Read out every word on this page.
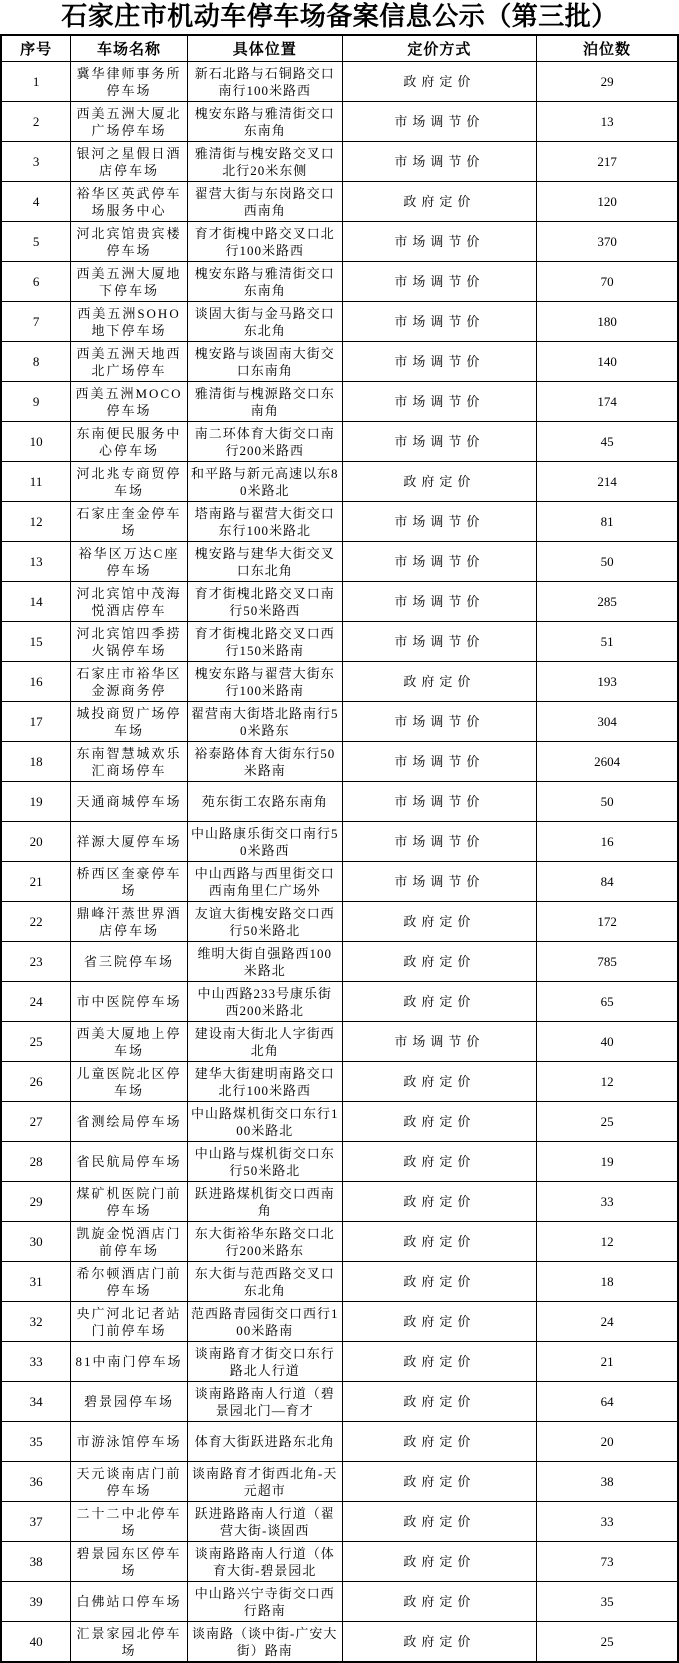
石家庄市机动车停车场备案信息公示（第三批）
序号	车场名称	具体位置	定价方式	泊位数
1	冀华律师事务所停车场	新石北路与石铜路交口南行100米路西	政府定价	29
2	西美五洲大厦北广场停车场	槐安东路与雅清街交口东南角	市场调节价	13
3	银河之星假日酒店停车场	雅清街与槐安路交叉口北行20米东侧	市场调节价	217
4	裕华区英武停车场服务中心	翟营大街与东岗路交口西南角	政府定价	120
5	河北宾馆贵宾楼停车场	育才街槐中路交叉口北行100米路西	市场调节价	370
6	西美五洲大厦地下停车场	槐安东路与雅清街交口东南角	市场调节价	70
7	西美五洲SOHO地下停车场	谈固大街与金马路交口东北角	市场调节价	180
8	西美五洲天地西北广场停车	槐安路与谈固南大街交口东南角	市场调节价	140
9	西美五洲MOCO停车场	雅清街与槐源路交口东南角	市场调节价	174
10	东南便民服务中心停车场	南二环体育大街交口南行200米路西	市场调节价	45
11	河北兆专商贸停车场	和平路与新元高速以东80米路北	政府定价	214
12	石家庄奎金停车场	塔南路与翟营大街交口东行100米路北	市场调节价	81
13	裕华区万达C座停车场	槐安路与建华大街交叉口东北角	市场调节价	50
14	河北宾馆中茂海悦酒店停车	育才街槐北路交叉口南行50米路西	市场调节价	285
15	河北宾馆四季捞火锅停车场	育才街槐北路交叉口西行150米路南	市场调节价	51
16	石家庄市裕华区金源商务停	槐安东路与翟营大街东行100米路南	政府定价	193
17	城投商贸广场停车场	翟营南大街塔北路南行50米路东	市场调节价	304
18	东南智慧城欢乐汇商场停车	裕泰路体育大街东行50米路南	市场调节价	2604
19	天通商城停车场	苑东街工农路东南角	市场调节价	50
20	祥源大厦停车场	中山路康乐街交口南行50米路西	市场调节价	16
21	桥西区奎豪停车场	中山西路与西里街交口西南角里仁广场外	市场调节价	84
22	鼎峰汗蒸世界酒店停车场	友谊大街槐安路交口西行50米路北	政府定价	172
23	省三院停车场	维明大街自强路西100米路北	政府定价	785
24	市中医院停车场	中山西路233号康乐街西200米路北	政府定价	65
25	西美大厦地上停车场	建设南大街北人字街西北角	市场调节价	40
26	儿童医院北区停车场	建华大街建明南路交口北行100米路西	政府定价	12
27	省测绘局停车场	中山路煤机街交口东行100米路北	政府定价	25
28	省民航局停车场	中山路与煤机街交口东行50米路北	政府定价	19
29	煤矿机医院门前停车场	跃进路煤机街交口西南角	政府定价	33
30	凯旋金悦酒店门前停车场	东大街裕华东路交口北行200米路东	政府定价	12
31	希尔顿酒店门前停车场	东大街与范西路交叉口东北角	政府定价	18
32	央广河北记者站门前停车场	范西路青园街交口西行100米路南	政府定价	24
33	81中南门停车场	谈南路育才街交口东行路北人行道	政府定价	21
34	碧景园停车场	谈南路路南人行道（碧景园北门—育才	政府定价	64
35	市游泳馆停车场	体育大街跃进路东北角	政府定价	20
36	天元谈南店门前停车场	谈南路育才街西北角-天元超市	政府定价	38
37	二十二中北停车场	跃进路路南人行道（翟营大街-谈固西	政府定价	33
38	碧景园东区停车场	谈南路路南人行道（体育大街-碧景园北	政府定价	73
39	白佛站口停车场	中山路兴宁寺街交口西行路南	政府定价	35
40	汇景家园北停车场	谈南路（谈中街-广安大街）路南	政府定价	25
